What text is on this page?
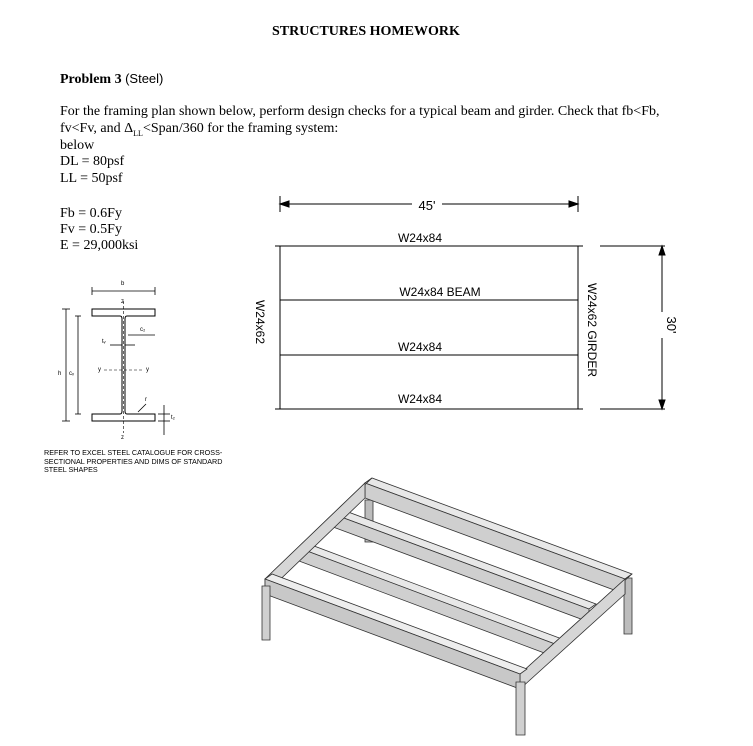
STRUCTURES HOMEWORK
Problem 3 (Steel)
For the framing plan shown below, perform design checks for a typical beam and girder. Check that fb<Fb,
fv<Fv, and $\Delta_{LL}<Span/360$ for the framing system:
below
DL = 80psf
LL = 50psf
Fb = 0.6Fy
Fv = 0.5Fy
E = 29,000ksi
b
z
c₂
tᵥ
y	y
h cᵥ
r
t₂
z
REFER TO EXCEL STEEL CATALOGUE FOR CROSS-SECTIONAL PROPERTIES AND DIMS OF STANDARD STEEL SHAPES
45'
W24x84
W24x84 BEAM
W24x84
W24x84
W24x62	W24x62 GIRDER	30'
